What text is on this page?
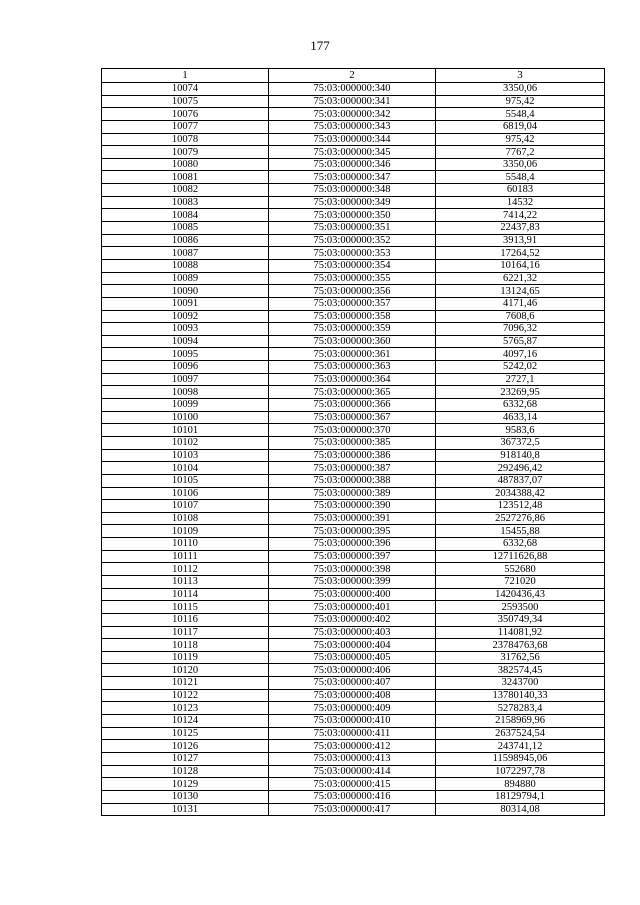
177
1	2	3
10074	75:03:000000:340	3350,06
10075	75:03:000000:341	975,42
10076	75:03:000000:342	5548,4
10077	75:03:000000:343	6819,04
10078	75:03:000000:344	975,42
10079	75:03:000000:345	7767,2
10080	75:03:000000:346	3350,06
10081	75:03:000000:347	5548,4
10082	75:03:000000:348	60183
10083	75:03:000000:349	14532
10084	75:03:000000:350	7414,22
10085	75:03:000000:351	22437,83
10086	75:03:000000:352	3913,91
10087	75:03:000000:353	17264,52
10088	75:03:000000:354	10164,16
10089	75:03:000000:355	6221,32
10090	75:03:000000:356	13124,65
10091	75:03:000000:357	4171,46
10092	75:03:000000:358	7608,6
10093	75:03:000000:359	7096,32
10094	75:03:000000:360	5765,87
10095	75:03:000000:361	4097,16
10096	75:03:000000:363	5242,02
10097	75:03:000000:364	2727,1
10098	75:03:000000:365	23269,95
10099	75:03:000000:366	6332,68
10100	75:03:000000:367	4633,14
10101	75:03:000000:370	9583,6
10102	75:03:000000:385	367372,5
10103	75:03:000000:386	918140,8
10104	75:03:000000:387	292496,42
10105	75:03:000000:388	487837,07
10106	75:03:000000:389	2034388,42
10107	75:03:000000:390	123512,48
10108	75:03:000000:391	2527276,86
10109	75:03:000000:395	15455,88
10110	75:03:000000:396	6332,68
10111	75:03:000000:397	12711626,88
10112	75:03:000000:398	552680
10113	75:03:000000:399	721020
10114	75:03:000000:400	1420436,43
10115	75:03:000000:401	2593500
10116	75:03:000000:402	350749,34
10117	75:03:000000:403	114081,92
10118	75:03:000000:404	23784763,68
10119	75:03:000000:405	31762,56
10120	75:03:000000:406	382574,45
10121	75:03:000000:407	3243700
10122	75:03:000000:408	13780140,33
10123	75:03:000000:409	5278283,4
10124	75:03:000000:410	2158969,96
10125	75:03:000000:411	2637524,54
10126	75:03:000000:412	243741,12
10127	75:03:000000:413	11598945,06
10128	75:03:000000:414	1072297,78
10129	75:03:000000:415	894880
10130	75:03:000000:416	18129794,1
10131	75:03:000000:417	80314,08
